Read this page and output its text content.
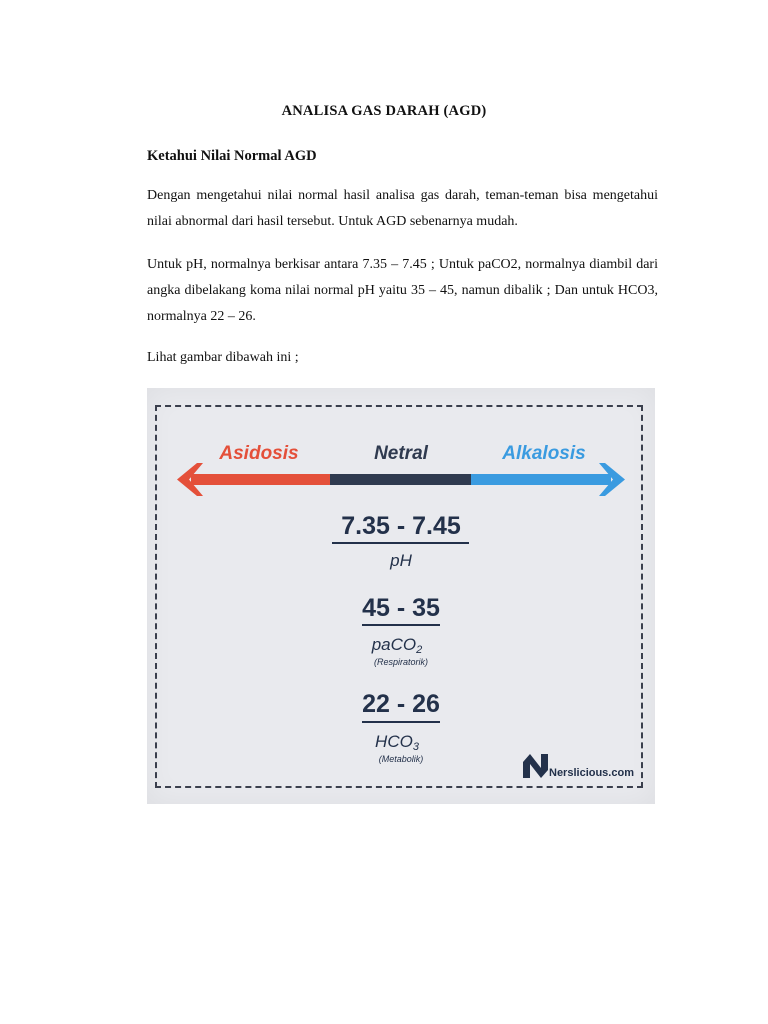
ANALISA GAS DARAH (AGD)
Ketahui Nilai Normal AGD
Dengan mengetahui nilai normal hasil analisa gas darah, teman-teman bisa mengetahui nilai abnormal dari hasil tersebut. Untuk AGD sebenarnya mudah.
Untuk pH, normalnya berkisar antara 7.35 – 7.45 ; Untuk paCO2, normalnya diambil dari angka dibelakang koma nilai normal pH yaitu 35 – 45, namun dibalik ; Dan untuk HCO3, normalnya 22 – 26.
Lihat gambar dibawah ini ;
Asidosis	Netral	Alkalosis
7.35 - 7.45
pH
45 - 35
paCO2
(Respiratorik)
22 - 26
HCO3
(Metabolik)
Nerslicious.com
